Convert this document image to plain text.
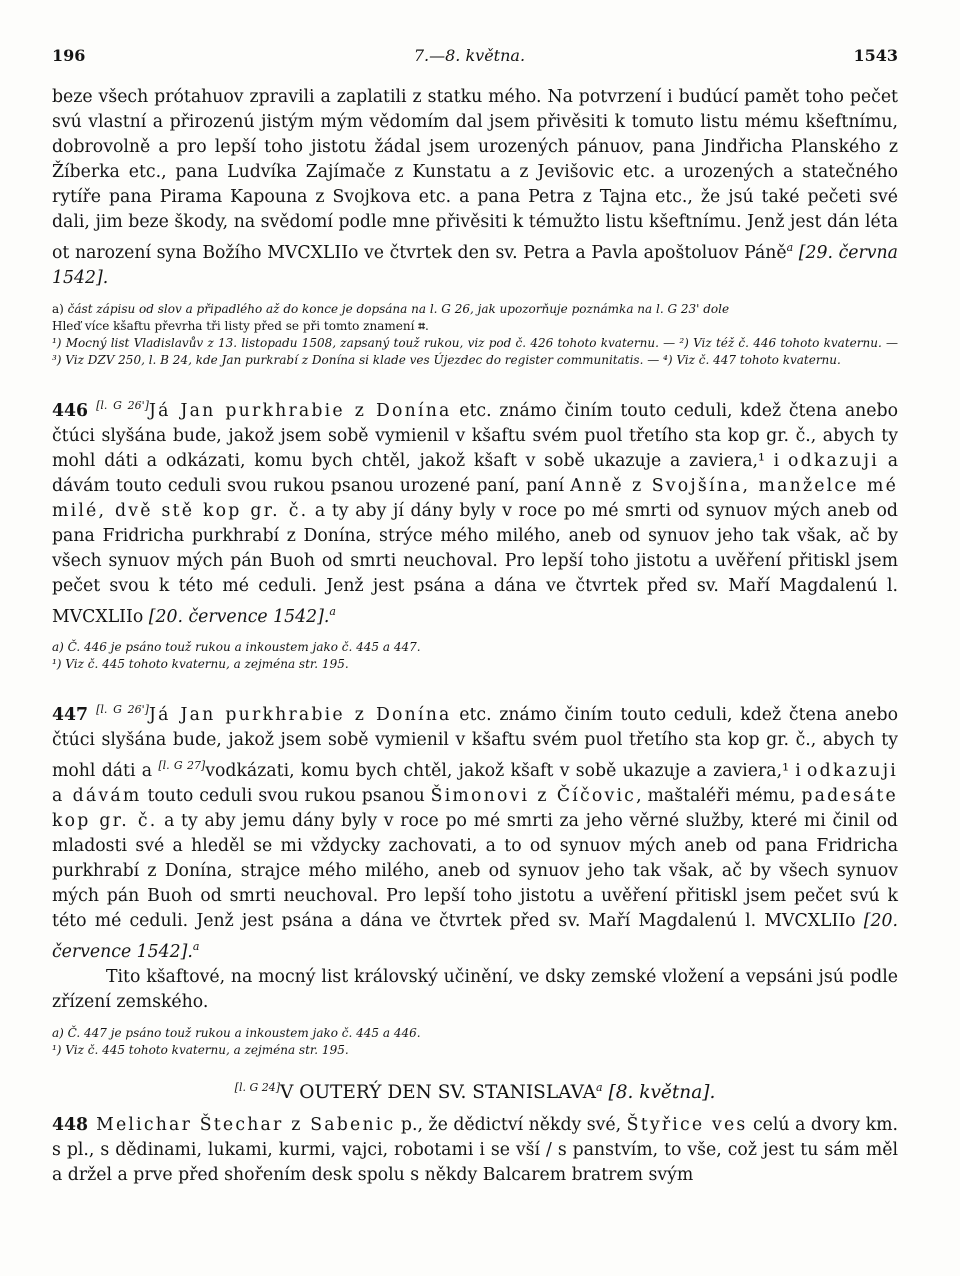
196	7.—8. května.	1543

beze všech prótahuov zpravili a zaplatili z statku mého. Na potvrzení i budúcí pamět toho pečet svú vlastní a přirozenú jistým mým vědomím dal jsem přivěsiti k tomuto listu mému kšeftnímu, dobrovolně a pro lepší toho jistotu žádal jsem urozených pánuov, pana Jindřicha Planského z Žíberka etc., pana Ludvíka Zajímače z Kunstatu a z Jevišovic etc. a urozených a statečného rytíře pana Pirama Kapouna z Svojkova etc. a pana Petra z Tajna etc., že jsú také pečeti své dali, jim beze škody, na svědomí podle mne přivěsiti k témužto listu kšeftnímu. Jenž jest dán léta ot narození syna Božího MVCXLIIo ve čtvrtek den sv. Petra a Pavla apoštoluov Páně$^a$ [29. června 1542].

a) část zápisu od slov a připadlého až do konce je dopsána na l. G 26, jak upozorňuje poznámka na l. G 23' dole
Hleď více kšaftu převrha tři listy před se při tomto znamení ⌗.

¹) Mocný list Vladislavův z 13. listopadu 1508, zapsaný touž rukou, viz pod č. 426 tohoto kvaternu. — ²) Viz též č. 446 tohoto kvaternu. — ³) Viz DZV 250, l. B 24, kde Jan purkrabí z Donína si klade ves Újezdec do register communitatis. — ⁴) Viz č. 447 tohoto kvaternu.

446 [l. G 26']Já Jan purkhrabie z Donína etc. známo činím touto ceduli, kdež čtena anebo čtúci slyšána bude, jakož jsem sobě vymienil v kšaftu svém puol třetího sta kop gr. č., abych ty mohl dáti a odkázati, komu bych chtěl, jakož kšaft v sobě ukazuje a zaviera,¹ i odkazuji a dávám touto ceduli svou rukou psanou urozené paní, paní Anně z Svojšína, manželce mé milé, dvě stě kop gr. č. a ty aby jí dány byly v roce po mé smrti od synuov mých aneb od pana Fridricha purkhrabí z Donína, strýce mého milého, aneb od synuov jeho tak však, ač by všech synuov mých pán Buoh od smrti neuchoval. Pro lepší toho jistotu a uvěření přitiskl jsem pečet svou k této mé ceduli. Jenž jest psána a dána ve čtvrtek před sv. Maří Magdalenú l. MVCXLIIo [20. července 1542].$^a$

a) Č. 446 je psáno touž rukou a inkoustem jako č. 445 a 447.

¹) Viz č. 445 tohoto kvaternu, a zejména str. 195.

447 [l. G 26']Já Jan purkhrabie z Donína etc. známo činím touto ceduli, kdež čtena anebo čtúci slyšána bude, jakož jsem sobě vymienil v kšaftu svém puol třetího sta kop gr. č., abych ty mohl dáti a [l. G 27]vodkázati, komu bych chtěl, jakož kšaft v sobě ukazuje a zaviera,¹ i odkazuji a dávám touto ceduli svou rukou psanou Šimonovi z Číčovic, maštaléři mému, padesáte kop gr. č. a ty aby jemu dány byly v roce po mé smrti za jeho věrné služby, které mi činil od mladosti své a hleděl se mi vždycky zachovati, a to od synuov mých aneb od pana Fridricha purkhrabí z Donína, strajce mého milého, aneb od synuov jeho tak však, ač by všech synuov mých pán Buoh od smrti neuchoval. Pro lepší toho jistotu a uvěření přitiskl jsem pečet svú k této mé ceduli. Jenž jest psána a dána ve čtvrtek před sv. Maří Magdalenú l. MVCXLIIo [20. července 1542].$^a$

Tito kšaftové, na mocný list královský učinění, ve dsky zemské vložení a vepsáni jsú podle zřízení zemského.

a) Č. 447 je psáno touž rukou a inkoustem jako č. 445 a 446.

¹) Viz č. 445 tohoto kvaternu, a zejména str. 195.

[l. G 24]V OUTERÝ DEN SV. STANISLAVA$^a$ [8. května].

448 Melichar Štechar z Sabenic p., že dědictví někdy své, Štyřice ves celú a dvory km. s pl., s dědinami, lukami, kurmi, vajci, robotami i se vší / s panstvím, to vše, což jest tu sám měl a držel a prve před shořením desk spolu s někdy Balcarem bratrem svým
